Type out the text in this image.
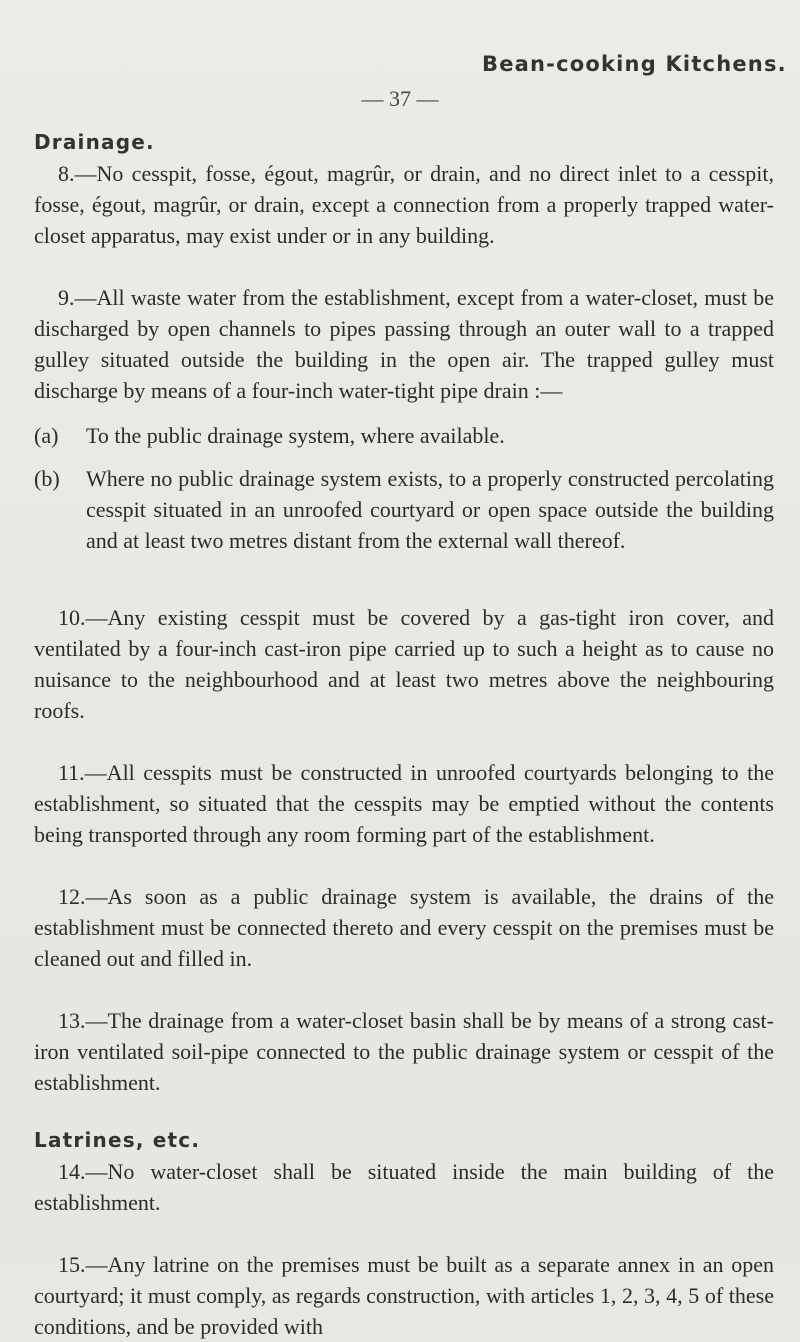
Bean-cooking Kitchens.
— 37 —
Drainage.

8.—No cesspit, fosse, égout, magrûr, or drain, and no direct inlet to a cesspit, fosse, égout, magrûr, or drain, except a connection from a properly trapped water-closet apparatus, may exist under or in any building.

9.—All waste water from the establishment, except from a water-closet, must be discharged by open channels to pipes passing through an outer wall to a trapped gulley situated outside the building in the open air. The trapped gulley must discharge by means of a four-inch water-tight pipe drain :—

(a)	To the public drainage system, where available.
(b)	Where no public drainage system exists, to a properly constructed percolating cesspit situated in an unroofed courtyard or open space outside the building and at least two metres distant from the external wall thereof.

10.—Any existing cesspit must be covered by a gas-tight iron cover, and ventilated by a four-inch cast-iron pipe carried up to such a height as to cause no nuisance to the neighbourhood and at least two metres above the neighbouring roofs.

11.—All cesspits must be constructed in unroofed courtyards belonging to the establishment, so situated that the cesspits may be emptied without the contents being transported through any room forming part of the establishment.

12.—As soon as a public drainage system is available, the drains of the establishment must be connected thereto and every cesspit on the premises must be cleaned out and filled in.

13.—The drainage from a water-closet basin shall be by means of a strong cast-iron ventilated soil-pipe connected to the public drainage system or cesspit of the establishment.

Latrines, etc.

14.—No water-closet shall be situated inside the main building of the establishment.

15.—Any latrine on the premises must be built as a separate annex in an open courtyard; it must comply, as regards construction, with articles 1, 2, 3, 4, 5 of these conditions, and be provided with
